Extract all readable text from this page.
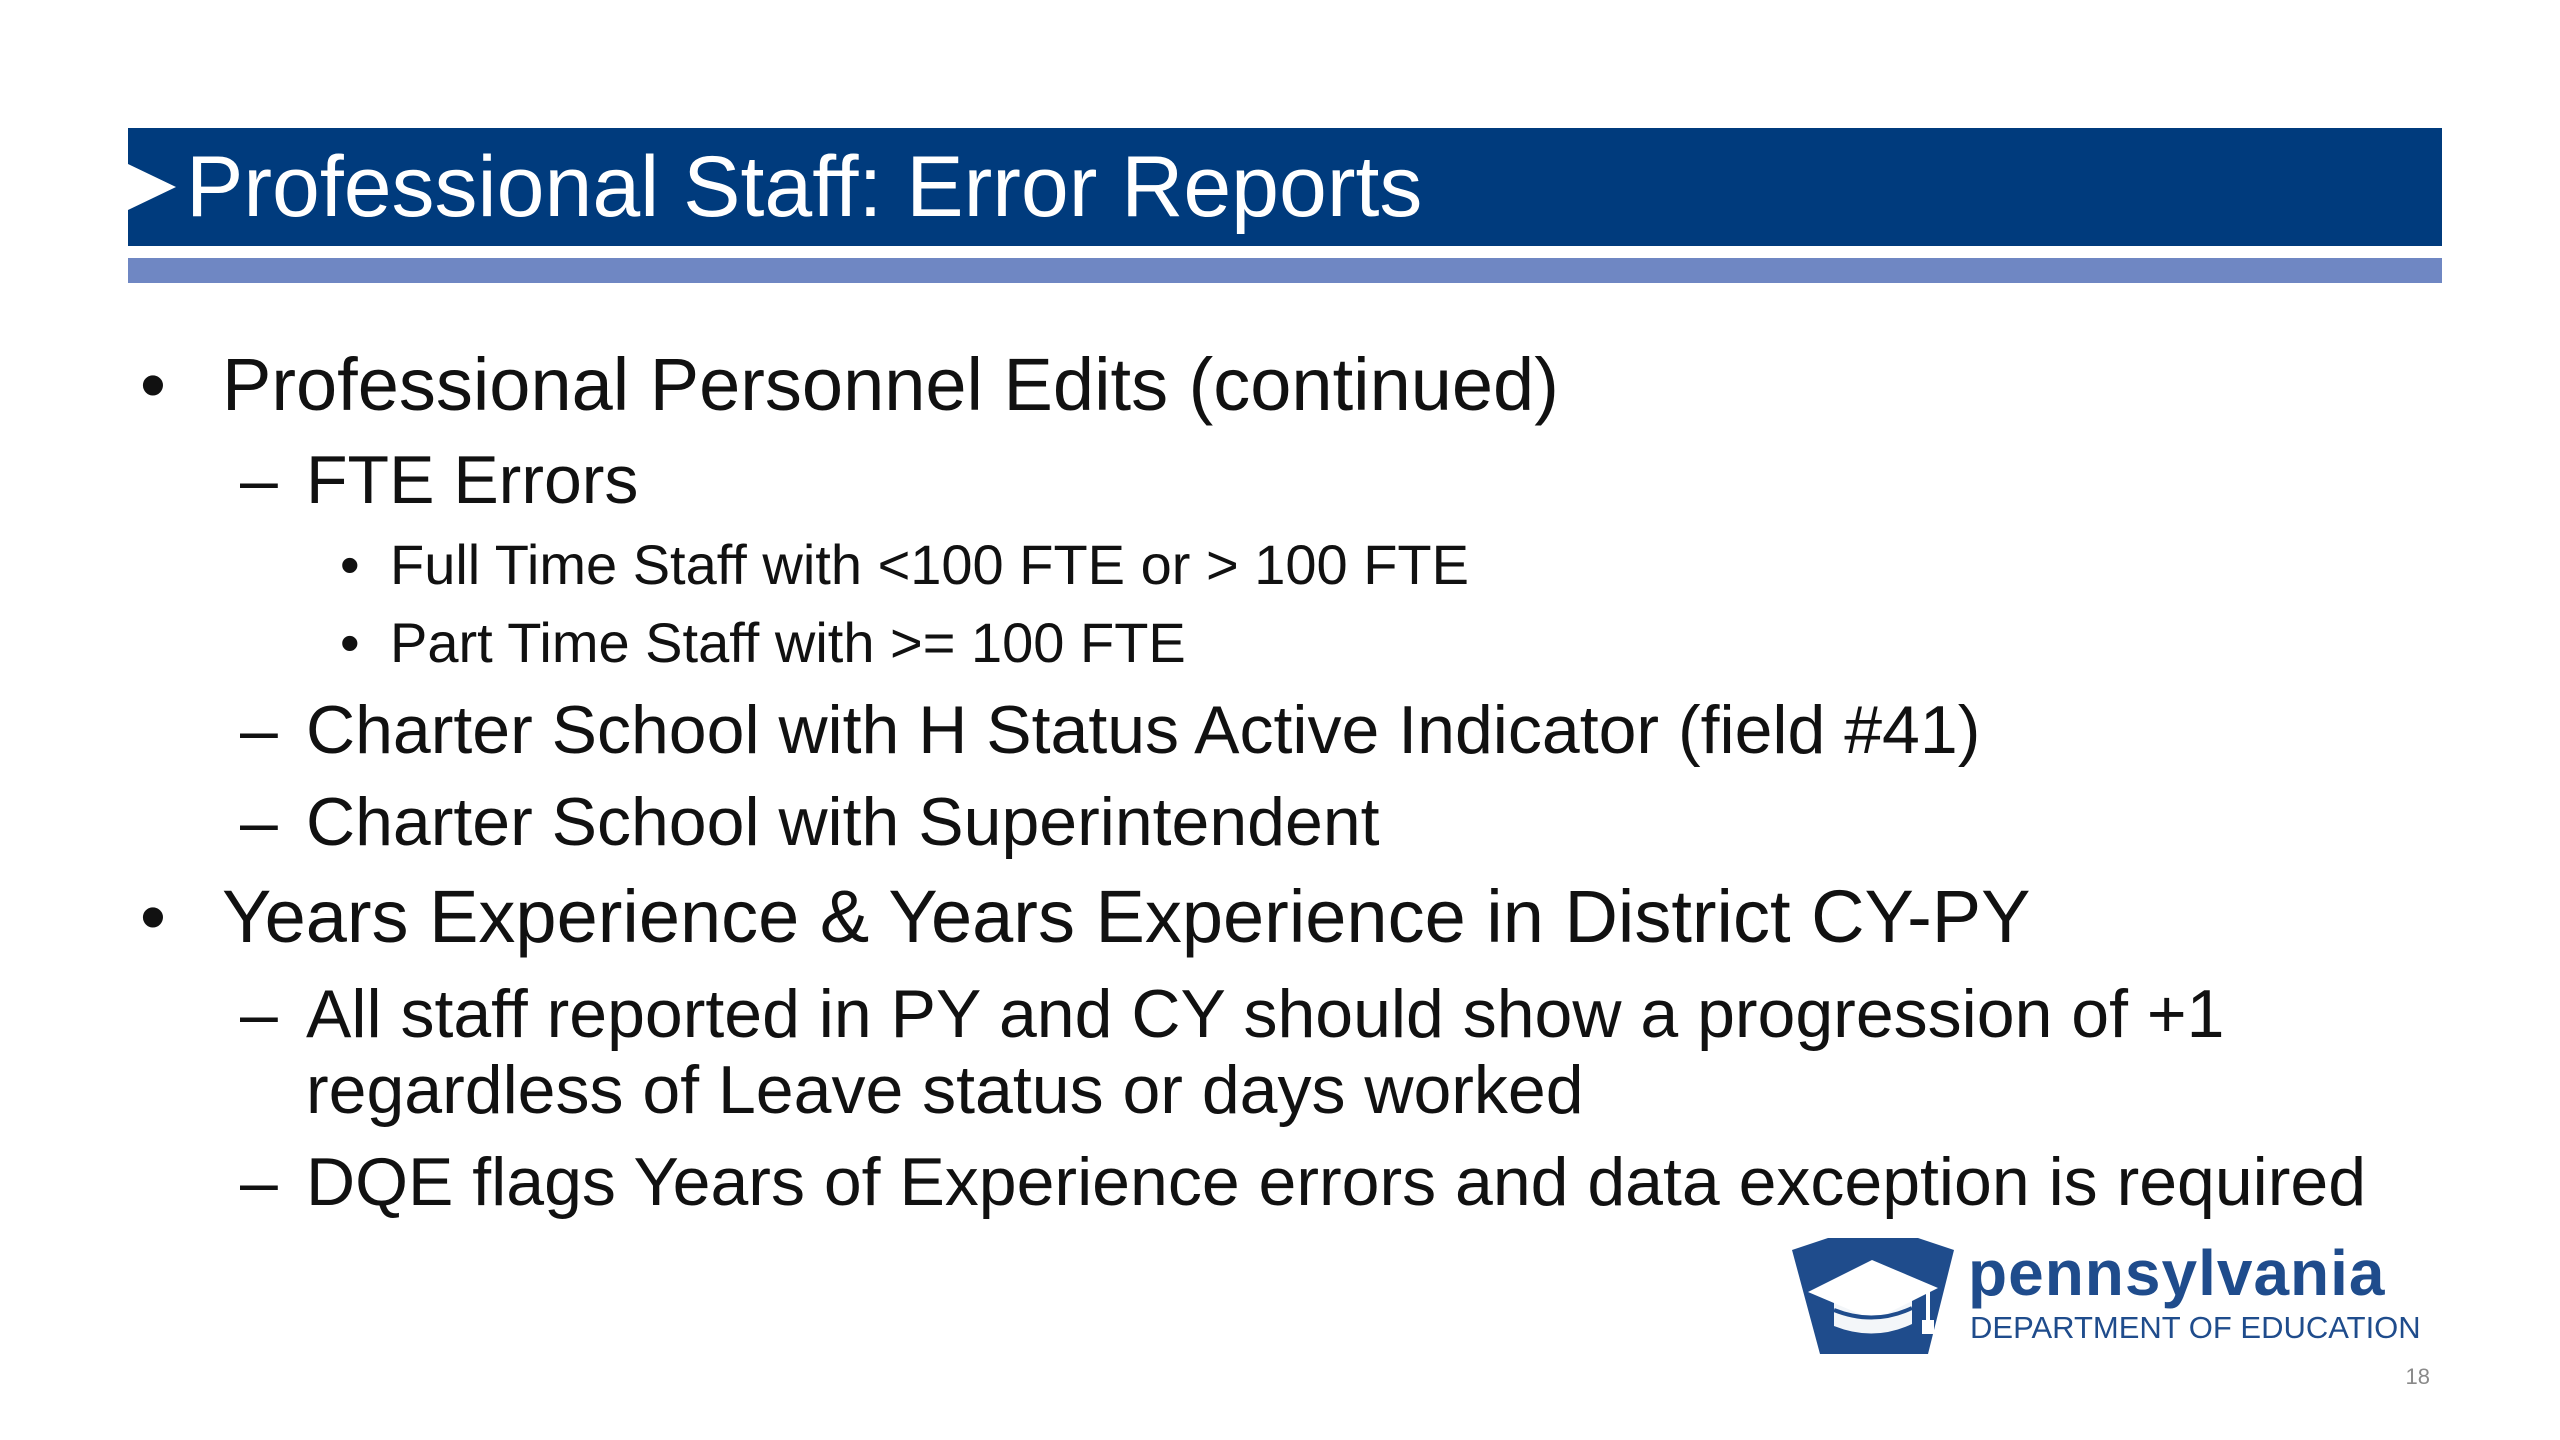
Professional Staff: Error Reports
• Professional Personnel Edits (continued)
– FTE Errors
• Full Time Staff with <100 FTE or > 100 FTE
• Part Time Staff with >= 100 FTE
– Charter School with H Status Active Indicator (field #41)
– Charter School with Superintendent
• Years Experience & Years Experience in District CY-PY
– All staff reported in PY and CY should show a progression of +1
regardless of Leave status or days worked
– DQE flags Years of Experience errors and data exception is required
pennsylvania
DEPARTMENT OF EDUCATION
18
